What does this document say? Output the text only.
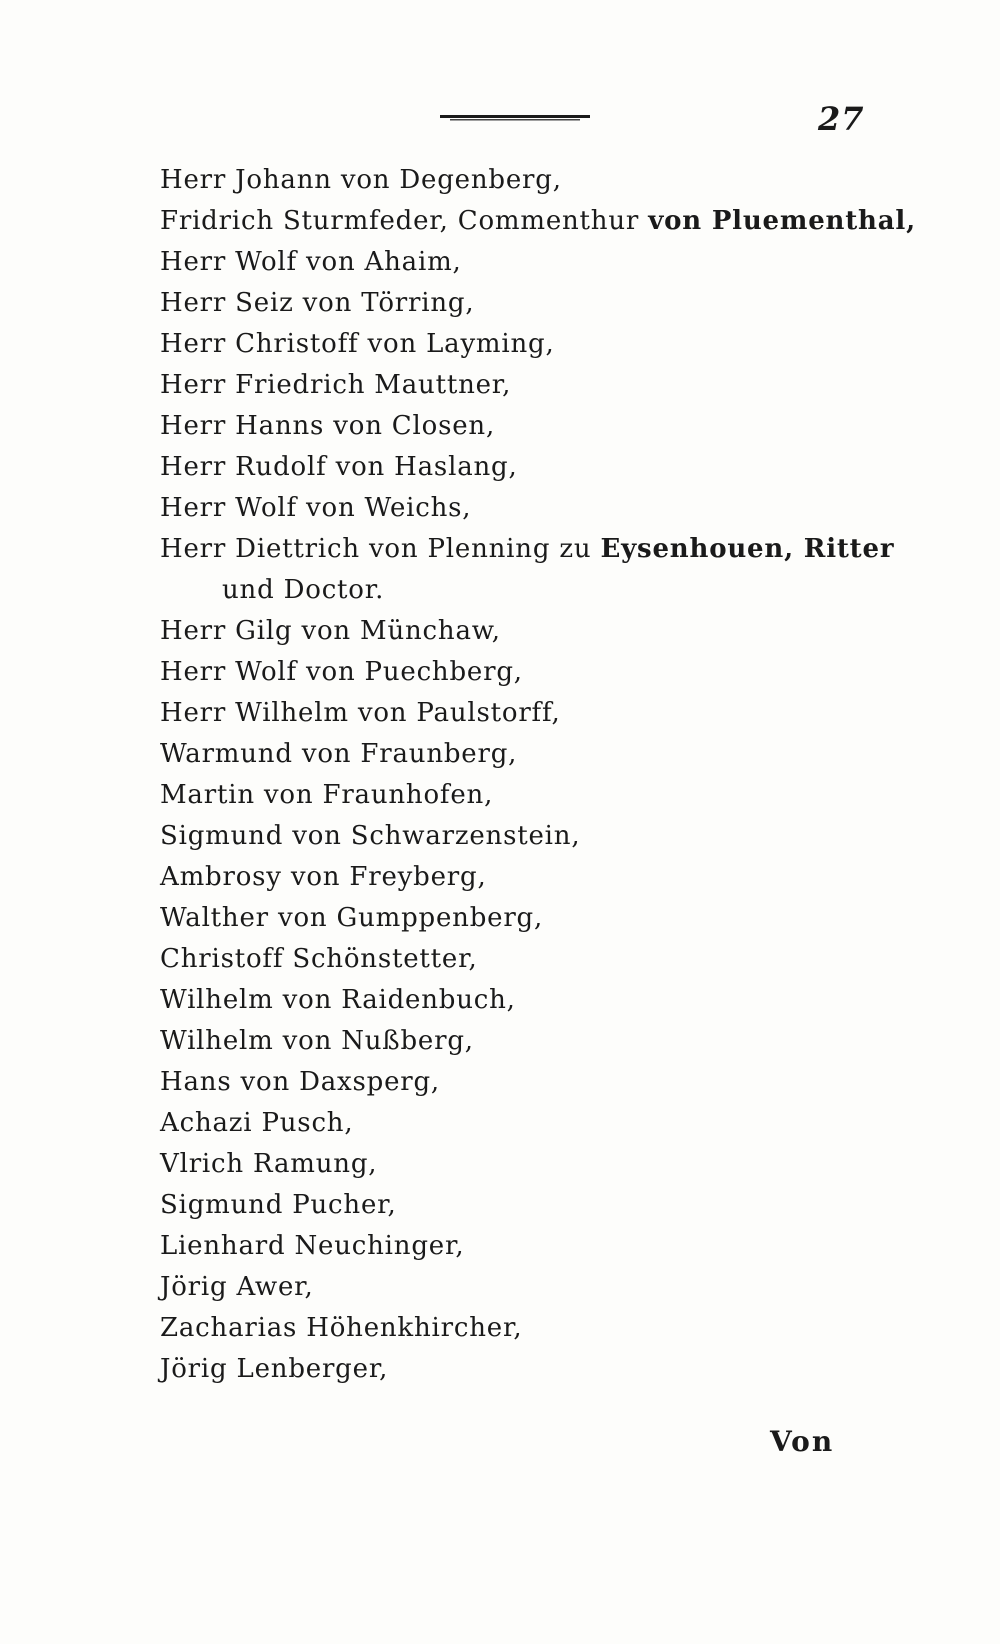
27
Herr Johann von Degenberg,
Fridrich Sturmfeder, Commenthur von Pluementhal,
Herr Wolf von Ahaim,
Herr Seiz von Törring,
Herr Christoff von Layming,
Herr Friedrich Mauttner,
Herr Hanns von Closen,
Herr Rudolf von Haslang,
Herr Wolf von Weichs,
Herr Diettrich von Plenning zu Eysenhouen, Ritter
und Doctor.
Herr Gilg von Münchaw,
Herr Wolf von Puechberg,
Herr Wilhelm von Paulstorff,
Warmund von Fraunberg,
Martin von Fraunhofen,
Sigmund von Schwarzenstein,
Ambrosy von Freyberg,
Walther von Gumppenberg,
Christoff Schönstetter,
Wilhelm von Raidenbuch,
Wilhelm von Nußberg,
Hans von Daxsperg,
Achazi Pusch,
Vlrich Ramung,
Sigmund Pucher,
Lienhard Neuchinger,
Jörig Awer,
Zacharias Höhenkhircher,
Jörig Lenberger,
Von
